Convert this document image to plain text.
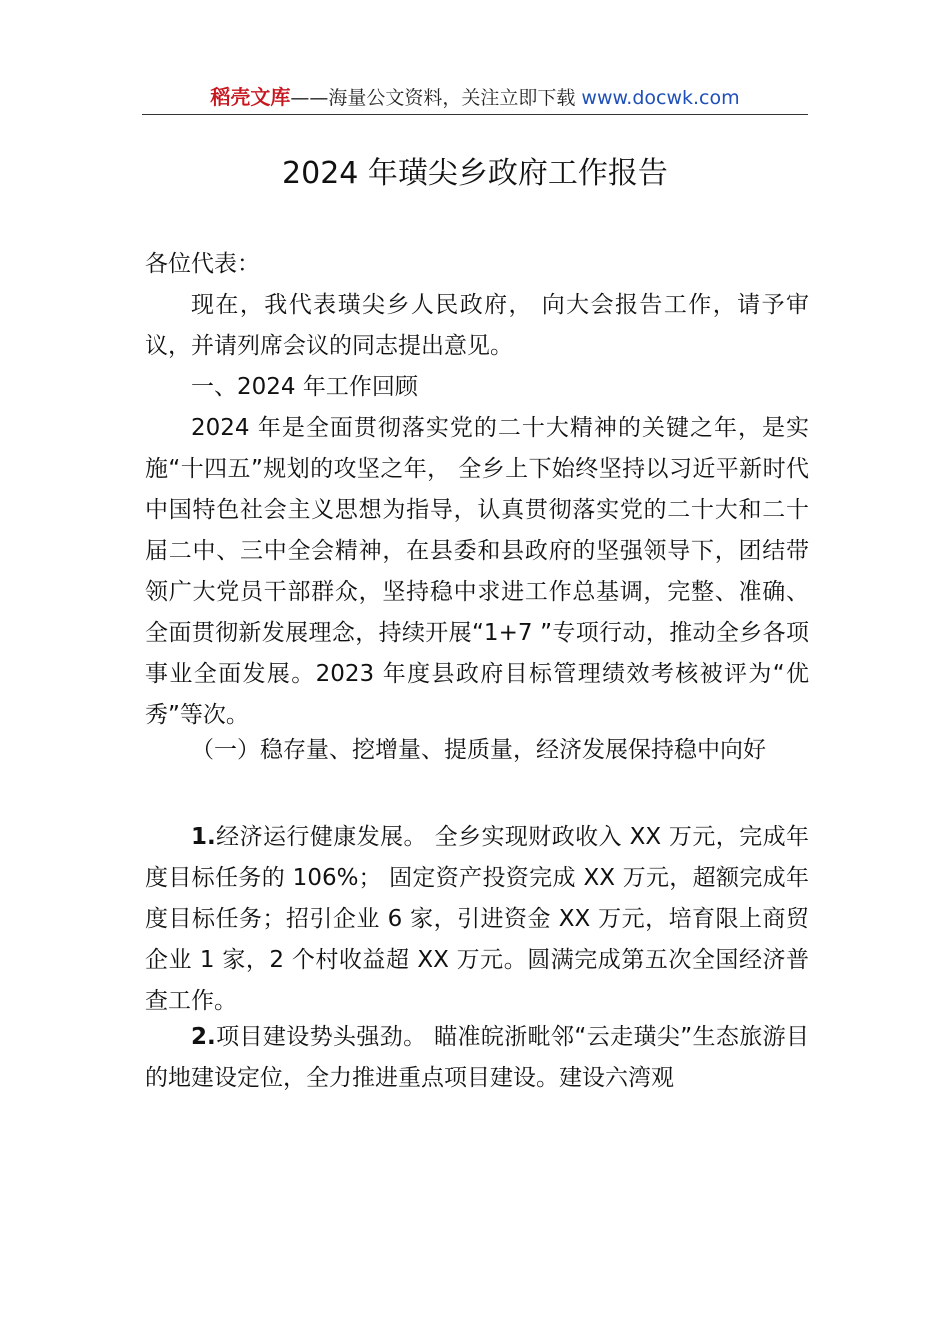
稻壳文库——海量公文资料，关注立即下载 www.docwk.com
2024 年璜尖乡政府工作报告
各位代表：
现在，我代表璜尖乡人民政府， 向大会报告工作，请予审议，并请列席会议的同志提出意见。
一、2024 年工作回顾
2024 年是全面贯彻落实党的二十大精神的关键之年，是实施“十四五”规划的攻坚之年， 全乡上下始终坚持以习近平新时代中国特色社会主义思想为指导，认真贯彻落实党的二十大和二十届二中、三中全会精神，在县委和县政府的坚强领导下，团结带领广大党员干部群众，坚持稳中求进工作总基调，完整、准确、全面贯彻新发展理念，持续开展“1+7 ”专项行动，推动全乡各项事业全面发展。2023 年度县政府目标管理绩效考核被评为“优秀”等次。
（一）稳存量、挖增量、提质量，经济发展保持稳中向好
1.经济运行健康发展。 全乡实现财政收入 XX 万元，完成年度目标任务的 106%； 固定资产投资完成 XX 万元，超额完成年度目标任务；招引企业 6 家，引进资金 XX 万元，培育限上商贸企业 1 家，2 个村收益超 XX 万元。圆满完成第五次全国经济普查工作。
2.项目建设势头强劲。 瞄准皖浙毗邻“云走璜尖”生态旅游目的地建设定位，全力推进重点项目建设。建设六湾观
